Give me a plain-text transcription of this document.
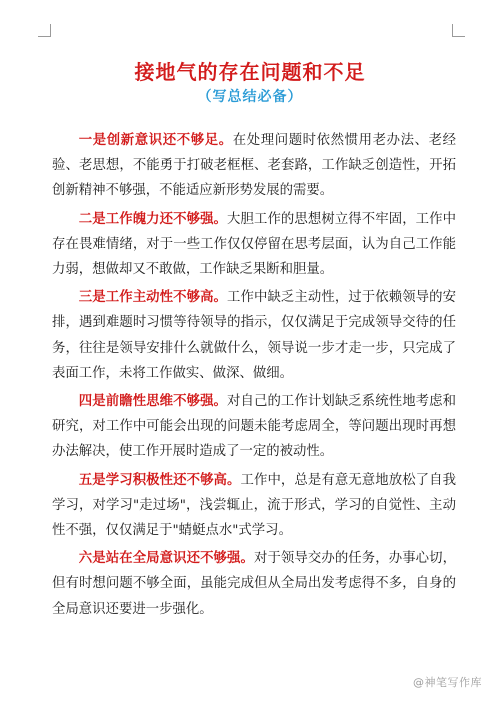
接地气的存在问题和不足
（写总结必备）

一是创新意识还不够足。在处理问题时依然惯用老办法、老经验、老思想，不能勇于打破老框框、老套路，工作缺乏创造性，开拓创新精神不够强，不能适应新形势发展的需要。

二是工作魄力还不够强。大胆工作的思想树立得不牢固，工作中存在畏难情绪，对于一些工作仅仅停留在思考层面，认为自己工作能力弱，想做却又不敢做，工作缺乏果断和胆量。

三是工作主动性不够高。工作中缺乏主动性，过于依赖领导的安排，遇到难题时习惯等待领导的指示，仅仅满足于完成领导交待的任务，往往是领导安排什么就做什么，领导说一步才走一步，只完成了表面工作，未将工作做实、做深、做细。

四是前瞻性思维不够强。对自己的工作计划缺乏系统性地考虑和研究，对工作中可能会出现的问题未能考虑周全，等问题出现时再想办法解决，使工作开展时造成了一定的被动性。

五是学习积极性还不够高。工作中，总是有意无意地放松了自我学习，对学习"走过场"，浅尝辄止，流于形式，学习的自觉性、主动性不强，仅仅满足于"蜻蜓点水"式学习。

六是站在全局意识还不够强。对于领导交办的任务，办事心切，但有时想问题不够全面，虽能完成但从全局出发考虑得不多，自身的全局意识还要进一步强化。

@神笔写作库
